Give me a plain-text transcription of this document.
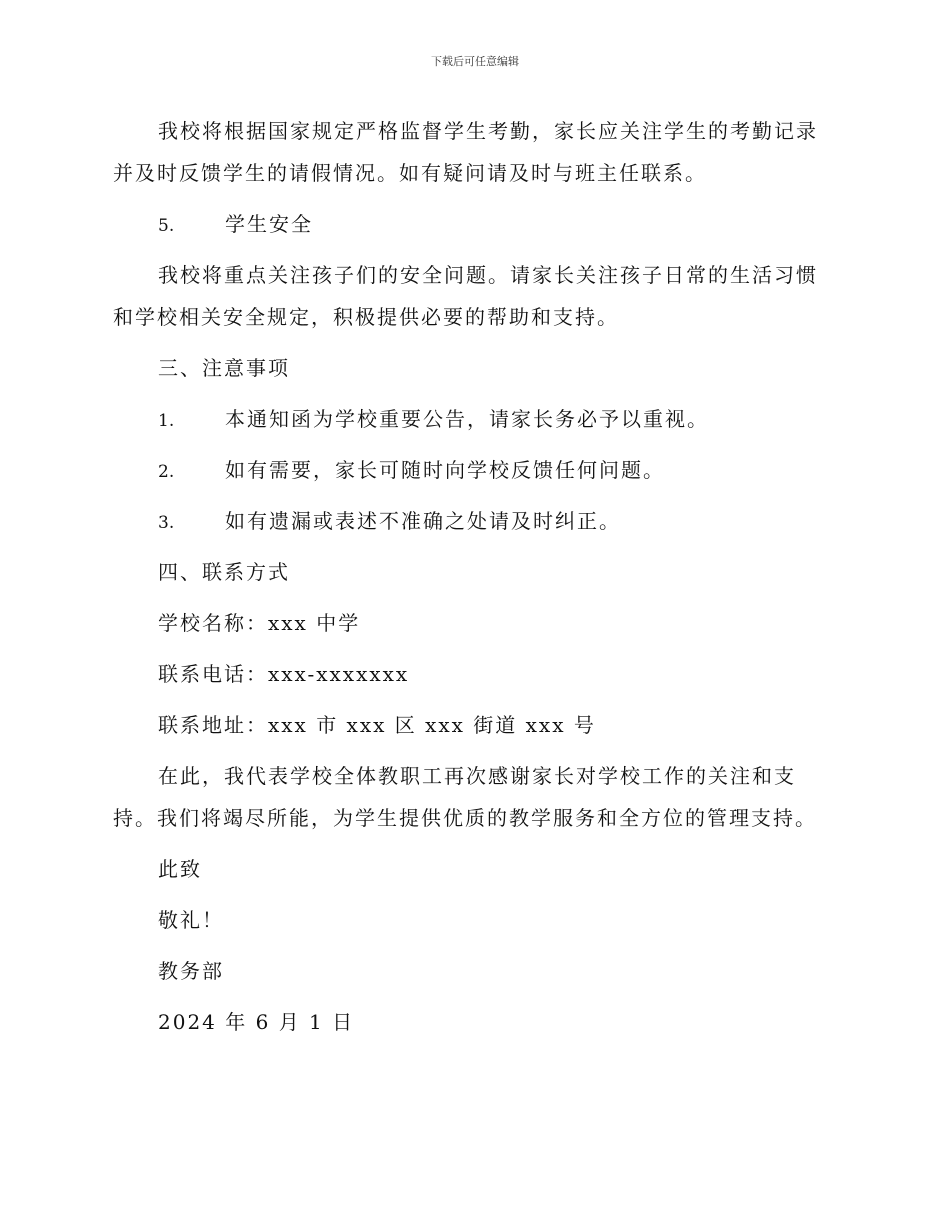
下载后可任意编辑

我校将根据国家规定严格监督学生考勤，家长应关注学生的考勤记录并及时反馈学生的请假情况。如有疑问请及时与班主任联系。

5.	学生安全

我校将重点关注孩子们的安全问题。请家长关注孩子日常的生活习惯和学校相关安全规定，积极提供必要的帮助和支持。

三、注意事项
1.	本通知函为学校重要公告，请家长务必予以重视。
2.	如有需要，家长可随时向学校反馈任何问题。
3.	如有遗漏或表述不准确之处请及时纠正。
四、联系方式
学校名称：xxx 中学
联系电话：xxx-xxxxxxx
联系地址：xxx 市 xxx 区 xxx 街道 xxx 号

在此，我代表学校全体教职工再次感谢家长对学校工作的关注和支持。我们将竭尽所能，为学生提供优质的教学服务和全方位的管理支持。

此致
敬礼！
教务部
2024 年 6 月 1 日
